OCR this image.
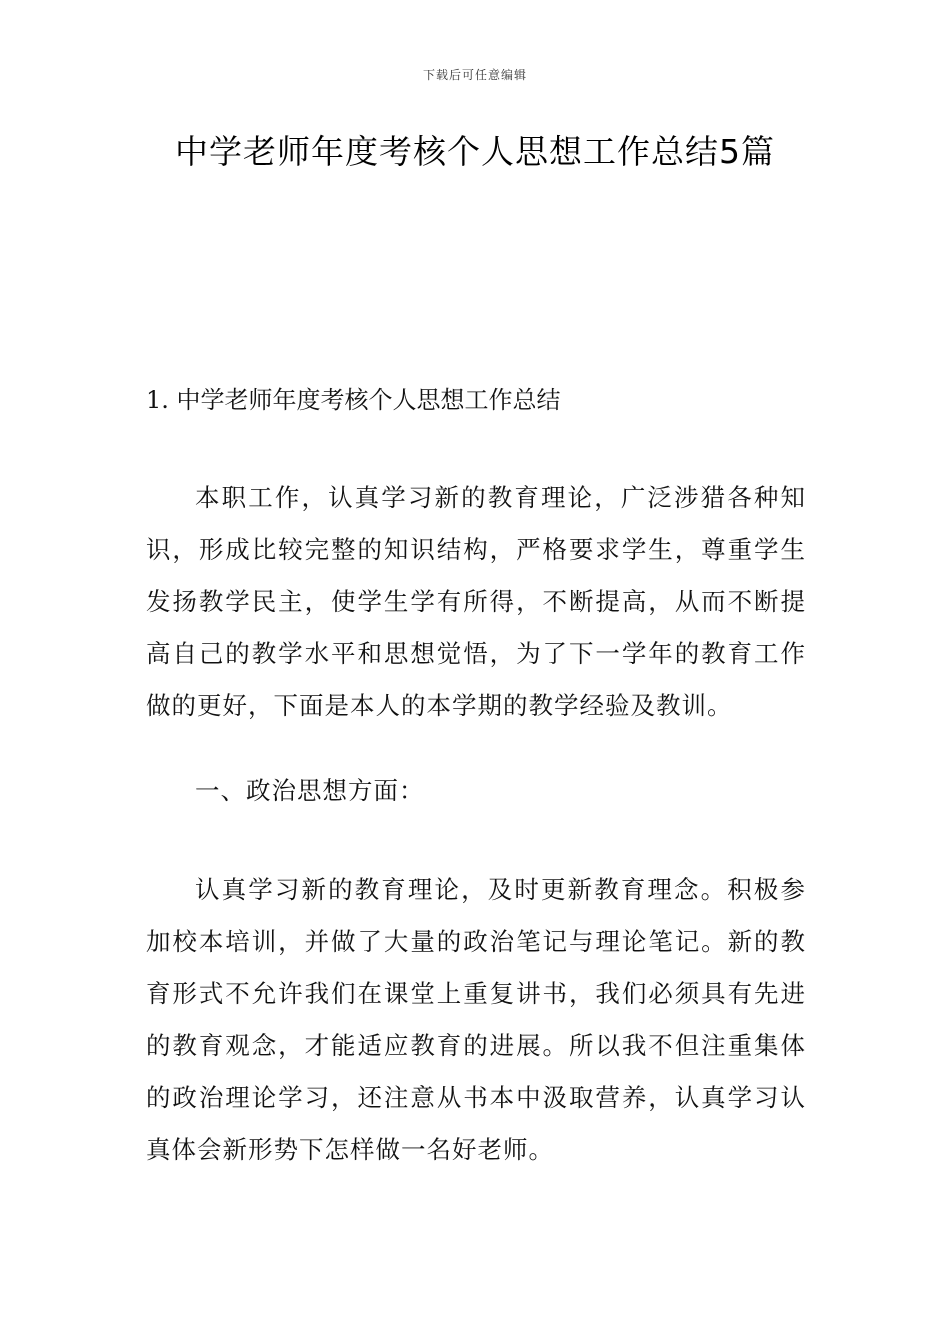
下载后可任意编辑
中学老师年度考核个人思想工作总结5篇
1. 中学老师年度考核个人思想工作总结

本职工作，认真学习新的教育理论，广泛涉猎各种知识，形成比较完整的知识结构，严格要求学生，尊重学生发扬教学民主，使学生学有所得，不断提高，从而不断提高自己的教学水平和思想觉悟，为了下一学年的教育工作做的更好，下面是本人的本学期的教学经验及教训。

一、政治思想方面：

认真学习新的教育理论，及时更新教育理念。积极参加校本培训，并做了大量的政治笔记与理论笔记。新的教育形式不允许我们在课堂上重复讲书，我们必须具有先进的教育观念，才能适应教育的进展。所以我不但注重集体的政治理论学习，还注意从书本中汲取营养，认真学习认真体会新形势下怎样做一名好老师。
